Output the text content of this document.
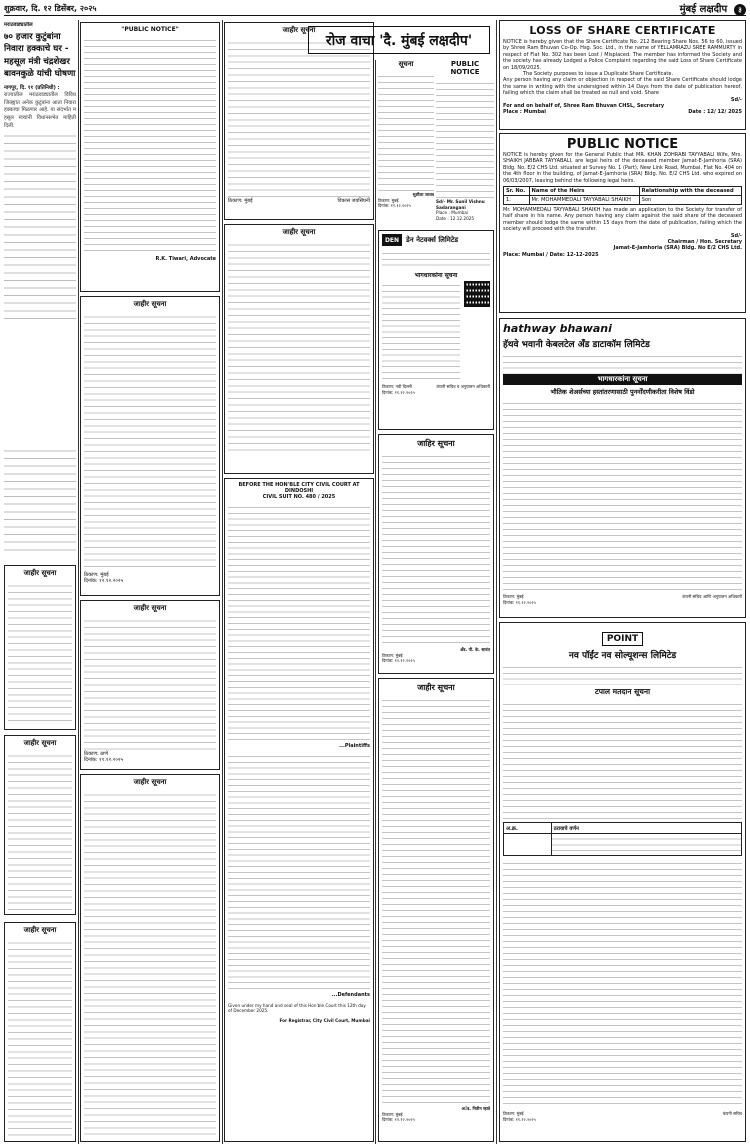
शुक्रवार, दि. १२ डिसेंबर, २०२५	मुंबई लक्षदीप ३
मराठवाड्यातील
७० हजार कुटुंबांना निवारा हक्काचे घर - महसूल मंत्री चंद्रशेखर बावनकुळे यांची घोषणा
नागपूर, दि. ११ (प्रतिनिधी) :
राज्यातील मराठवाड्यातील विविध जिल्ह्यांत अनेक कुटुंबांना आता निवारा हक्काचा मिळणार आहे. या संदर्भात महसूल मंत्र्यांनी विधानसभेत माहिती दिली.
जाहीर सूचना
जाहीर सूचना
जाहीर सूचना
"PUBLIC NOTICE"
R.K. Tiwari, Advocate
जाहीर सूचना
ठिकाण: मुंबई
दिनांक: १२.१२.२०२५
जाहीर सूचना
ठिकाण: ठाणे
दिनांक: ११.१२.२०२५
जाहीर सूचना
जाहीर सूचना
ठिकाण: मुंबई	विकास जयसिंघनी
जाहीर सूचना
BEFORE THE HON'BLE CITY CIVIL COURT AT DINDOSHI
CIVIL SUIT NO. 480 / 2025
...Plaintiffs
...Defendants
Given under my hand and seal of this Hon'ble Court this 12th day of December 2025.
For Registrar, City Civil Court, Mumbai
रोज वाचा 'दै. मुंबई लक्षदीप'
सूचना
सुशीला जाधव
ठिकाण: मुंबई
दिनांक: ११.१२.२०२५
PUBLIC NOTICE
Sd/- Mr. Sunil Vishnu Sadarangani
Place : Mumbai
Date : 12.12.2025
DEN डेन नेटवर्क्स लिमिटेड
भागधारकांना सूचना
ठिकाण: नवी दिल्ली	कंपनी सचिव व अनुपालन अधिकारी
दिनांक: ११.१२.२०२५
जाहिर सूचना
अँड. पी. के. सावंत
ठिकाण: मुंबई
दिनांक: १२.१२.२०२५
जाहीर सूचना
अॅड. नितीन म्हात्रे
ठिकाण: मुंबई
दिनांक: १२.१२.२०२५
LOSS OF SHARE CERTIFICATE
NOTICE is hereby given that the Share Certificate No. 212 Bearing Share Nos. 56 to 60, issued by Shree Ram Bhuvan Co-Op. Hsg. Soc. Ltd., in the name of YELLAMRAZU SREE RAMMURTY in respect of Flat No. 302 has been Lost / Misplaced. The member has informed the Society and the society has already Lodged a Police Complaint regarding the said Loss of Share Certificate on 18/09/2025.
The Society purposes to issue a Duplicate Share Certificate.
Any person having any claim or objection in respect of the said Share Certificate should lodge the same in writing with the undersigned within 14 Days from the date of publication hereof, failing which the claim shall be treated as null and void. Share
Sd/-
For and on behalf of, Shree Ram Bhuvan CHSL, Secretary
Place : Mumbai	Date : 12/ 12/ 2025
PUBLIC NOTICE
NOTICE is hereby given for the General Public that MR. KHAN ZOHRABI TAYYABALI Wife, Mrs. SHAIKH JABBAR TAYYABALI, are legal heirs of the deceased member Jamat-E-Jamhoria (SRA) Bldg. No. E/2 CHS Ltd. situated at Survey No. 1 (Part), New Link Road, Mumbai, Flat No. 404 on the 4th floor in the building, of Jamat-E-Jamhoria (SRA) Bldg. No. E/2 CHS Ltd. who expired on 06/03/2007, leaving behind the following legal heirs.
Sr. No.	Name of the Heirs	Relationship with the deceased
1.	Mr. MOHAMMEDALI TAYYABALI SHAIKH	Son
Mr. MOHAMMEDALI TAYYABALI SHAIKH has made an application to the Society for transfer of half share in his name. Any person having any claim against the said share of the deceased member should lodge the same within 15 days from the date of publication, failing which the society will proceed with the transfer.
Sd/-
Chairman / Hon. Secretary
Jamat-E-Jamhoria (SRA) Bldg. No E/2 CHS Ltd.
Place: Mumbai / Date: 12-12-2025
hathway bhawani
हॅथवे भवानी केबलटेल अँड डाटाकॉम लिमिटेड
भागधारकांना सूचना
भौतिक शेअर्सच्या हस्तांतरणासाठी पुनर्नोंदणीकरीता विशेष विंडो
ठिकाण: मुंबई	कंपनी सचिव आणि अनुपालन अधिकारी
दिनांक: ११.१२.२०२५
POINT
नव पॉईंट नव सोल्यूशन्स लिमिटेड
टपाल मतदान सूचना
अ.क्र.	ठरावाचे वर्णन

ठिकाण: मुंबई	कंपनी सचिव
दिनांक: ११.१२.२०२५
